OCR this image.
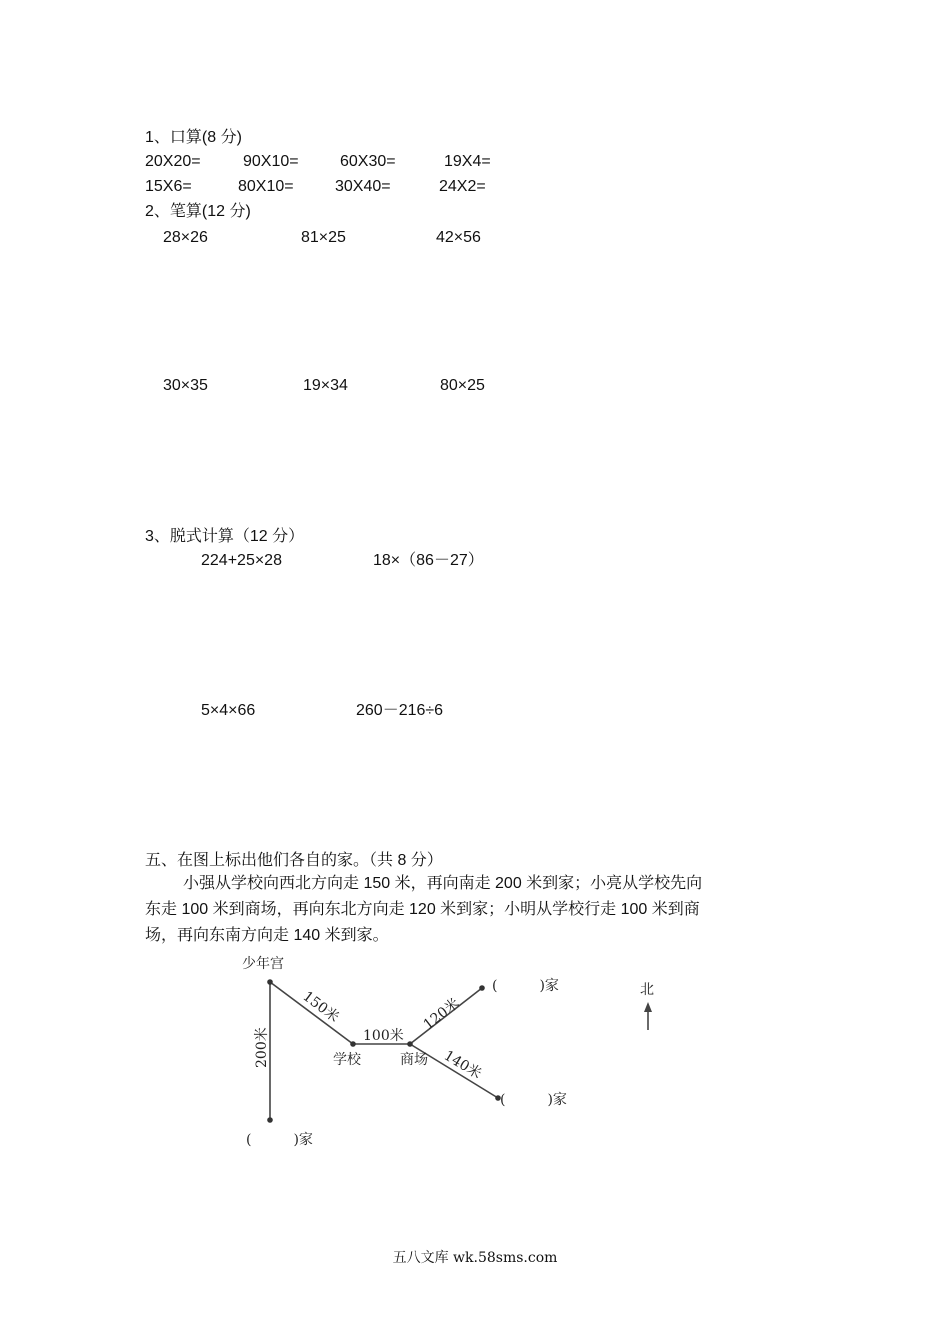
1、口算(8 分)
20X20=	90X10=	60X30=	19X4=
15X6=	80X10=	30X40=	24X2=
2、笔算(12 分)
28×26	81×25	42×56
30×35	19×34	80×25
3、脱式计算（12 分）
224+25×28	18×（86－27）
5×4×66	260－216÷6
五、在图上标出他们各自的家。（共 8 分）

小强从学校向西北方向走 150 米，再向南走 200 米到家；小亮从学校先向

东走 100 米到商场，再向东北方向走 120 米到家；小明从学校行走 100 米到商

场，再向东南方向走 140 米到家。

少年宫
学校	商场
北
200米
150米
100米
120米
140米
(　　　)家
(　　　)家
(　　　)家
五八文库 wk.58sms.com
